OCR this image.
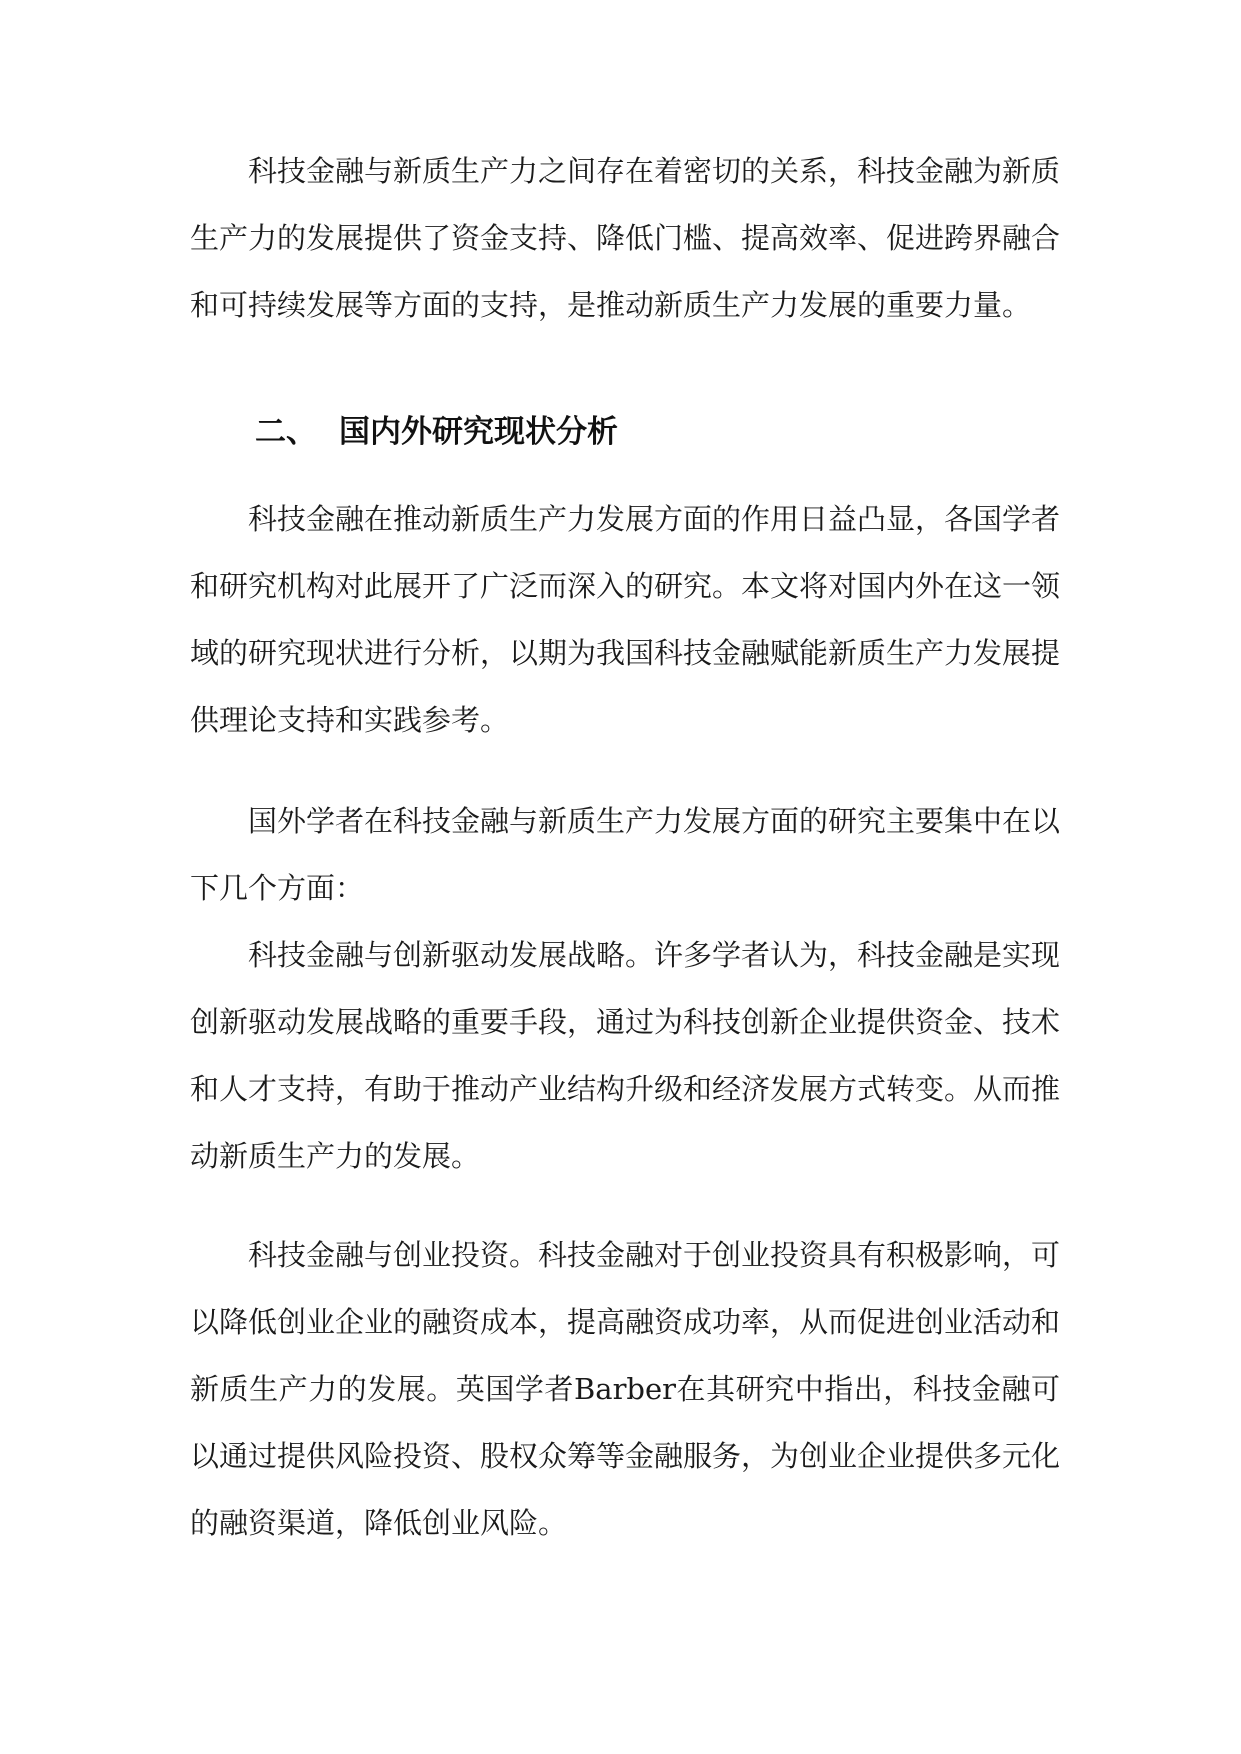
科技金融与新质生产力之间存在着密切的关系，科技金融为新质生产力的发展提供了资金支持、降低门槛、提高效率、促进跨界融合和可持续发展等方面的支持，是推动新质生产力发展的重要力量。

二、 国内外研究现状分析

科技金融在推动新质生产力发展方面的作用日益凸显，各国学者和研究机构对此展开了广泛而深入的研究。本文将对国内外在这一领域的研究现状进行分析，以期为我国科技金融赋能新质生产力发展提供理论支持和实践参考。

国外学者在科技金融与新质生产力发展方面的研究主要集中在以下几个方面：

科技金融与创新驱动发展战略。许多学者认为，科技金融是实现创新驱动发展战略的重要手段，通过为科技创新企业提供资金、技术和人才支持，有助于推动产业结构升级和经济发展方式转变。从而推动新质生产力的发展。

科技金融与创业投资。科技金融对于创业投资具有积极影响，可以降低创业企业的融资成本，提高融资成功率，从而促进创业活动和新质生产力的发展。英国学者Barber在其研究中指出，科技金融可以通过提供风险投资、股权众筹等金融服务，为创业企业提供多元化的融资渠道，降低创业风险。
